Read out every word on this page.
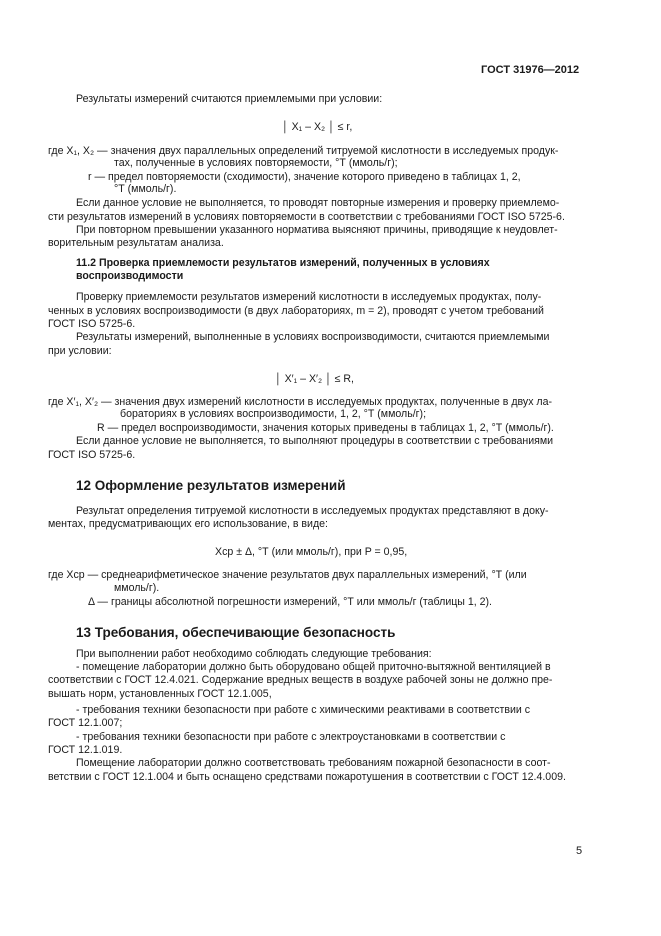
ГОСТ 31976—2012
Результаты измерений считаются приемлемыми при условии:
│ X₁ – X₂ │ ≤ r,
где X₁, X₂ — значения двух параллельных определений титруемой кислотности в исследуемых продук-
тах, полученные в условиях повторяемости, °Т (ммоль/г);
r — предел повторяемости (сходимости), значение которого приведено в таблицах 1, 2,
°Т (ммоль/г).
Если данное условие не выполняется, то проводят повторные измерения и проверку приемлемо-
сти результатов измерений в условиях повторяемости в соответствии с требованиями ГОСТ ISO 5725-6.
При повторном превышении указанного норматива выясняют причины, приводящие к неудовлет-
ворительным результатам анализа.
11.2 Проверка приемлемости результатов измерений, полученных в условиях
воспроизводимости
Проверку приемлемости результатов измерений кислотности в исследуемых продуктах, полу-
ченных в условиях воспроизводимости (в двух лабораториях, m = 2), проводят с учетом требований
ГОСТ ISO 5725-6.
Результаты измерений, выполненные в условиях воспроизводимости, считаются приемлемыми
при условии:
│ X′₁ – X′₂ │ ≤ R,
где X′₁, X′₂ — значения двух измерений кислотности в исследуемых продуктах, полученные в двух ла-
бораториях в условиях воспроизводимости, 1, 2, °Т (ммоль/г);
R — предел воспроизводимости, значения которых приведены в таблицах 1, 2, °Т (ммоль/г).
Если данное условие не выполняется, то выполняют процедуры в соответствии с требованиями
ГОСТ ISO 5725-6.
12 Оформление результатов измерений
Результат определения титруемой кислотности в исследуемых продуктах представляют в доку-
ментах, предусматривающих его использование, в виде:
Xср ± Δ, °Т (или ммоль/г), при P = 0,95,
где Xср — среднеарифметическое значение результатов двух параллельных измерений, °Т (или
ммоль/г).
Δ — границы абсолютной погрешности измерений, °Т или ммоль/г (таблицы 1, 2).
13 Требования, обеспечивающие безопасность
При выполнении работ необходимо соблюдать следующие требования:
- помещение лаборатории должно быть оборудовано общей приточно-вытяжной вентиляцией в
соответствии с ГОСТ 12.4.021. Содержание вредных веществ в воздухе рабочей зоны не должно пре-
вышать норм, установленных ГОСТ 12.1.005,
- требования техники безопасности при работе с химическими реактивами в соответствии с
ГОСТ 12.1.007;
- требования техники безопасности при работе с электроустановками в соответствии с
ГОСТ 12.1.019.
Помещение лаборатории должно соответствовать требованиям пожарной безопасности в соот-
ветствии с ГОСТ 12.1.004 и быть оснащено средствами пожаротушения в соответствии с ГОСТ 12.4.009.
5
